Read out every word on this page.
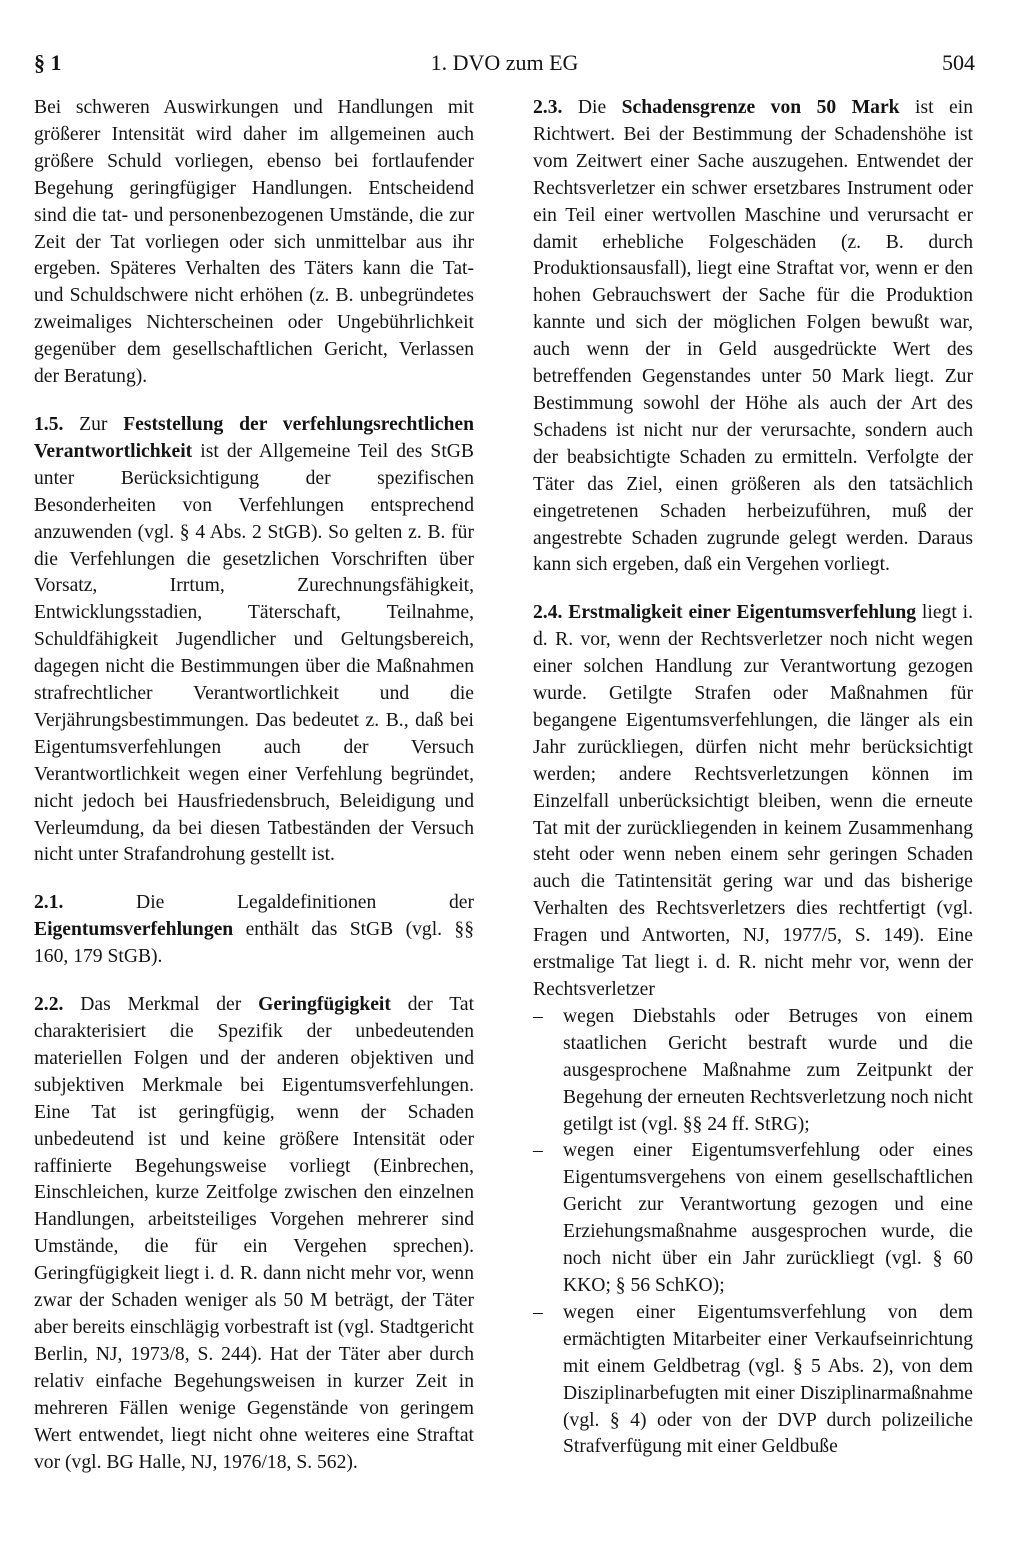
§ 1	1. DVO zum EG	504

Bei schweren Auswirkungen und Handlungen mit größerer Intensität wird daher im allgemeinen auch größere Schuld vorliegen, ebenso bei fortlaufender Begehung geringfügiger Handlungen. Entscheidend sind die tat- und personenbezogenen Umstände, die zur Zeit der Tat vorliegen oder sich unmittelbar aus ihr ergeben. Späteres Verhalten des Täters kann die Tat- und Schuldschwere nicht erhöhen (z. B. unbegründetes zweimaliges Nichterscheinen oder Ungebührlichkeit gegenüber dem gesellschaftlichen Gericht, Verlassen der Beratung).

1.5. Zur Feststellung der verfehlungsrechtlichen Verantwortlichkeit ist der Allgemeine Teil des StGB unter Berücksichtigung der spezifischen Besonderheiten von Verfehlungen entsprechend anzuwenden (vgl. § 4 Abs. 2 StGB). So gelten z. B. für die Verfehlungen die gesetzlichen Vorschriften über Vorsatz, Irrtum, Zurechnungsfähigkeit, Entwicklungsstadien, Täterschaft, Teilnahme, Schuldfähigkeit Jugendlicher und Geltungsbereich, dagegen nicht die Bestimmungen über die Maßnahmen strafrechtlicher Verantwortlichkeit und die Verjährungsbestimmungen. Das bedeutet z. B., daß bei Eigentumsverfehlungen auch der Versuch Verantwortlichkeit wegen einer Verfehlung begründet, nicht jedoch bei Hausfriedensbruch, Beleidigung und Verleumdung, da bei diesen Tatbeständen der Versuch nicht unter Strafandrohung gestellt ist.

2.1. Die Legaldefinitionen der Eigentumsverfehlungen enthält das StGB (vgl. §§ 160, 179 StGB).

2.2. Das Merkmal der Geringfügigkeit der Tat charakterisiert die Spezifik der unbedeutenden materiellen Folgen und der anderen objektiven und subjektiven Merkmale bei Eigentumsverfehlungen. Eine Tat ist geringfügig, wenn der Schaden unbedeutend ist und keine größere Intensität oder raffinierte Begehungsweise vorliegt (Einbrechen, Einschleichen, kurze Zeitfolge zwischen den einzelnen Handlungen, arbeitsteiliges Vorgehen mehrerer sind Umstände, die für ein Vergehen sprechen). Geringfügigkeit liegt i. d. R. dann nicht mehr vor, wenn zwar der Schaden weniger als 50 M beträgt, der Täter aber bereits einschlägig vorbestraft ist (vgl. Stadtgericht Berlin, NJ, 1973/8, S. 244). Hat der Täter aber durch relativ einfache Begehungsweisen in kurzer Zeit in mehreren Fällen wenige Gegenstände von geringem Wert entwendet, liegt nicht ohne weiteres eine Straftat vor (vgl. BG Halle, NJ, 1976/18, S. 562).

2.3. Die Schadensgrenze von 50 Mark ist ein Richtwert. Bei der Bestimmung der Schadenshöhe ist vom Zeitwert einer Sache auszugehen. Entwendet der Rechtsverletzer ein schwer ersetzbares Instrument oder ein Teil einer wertvollen Maschine und verursacht er damit erhebliche Folgeschäden (z. B. durch Produktionsausfall), liegt eine Straftat vor, wenn er den hohen Gebrauchswert der Sache für die Produktion kannte und sich der möglichen Folgen bewußt war, auch wenn der in Geld ausgedrückte Wert des betreffenden Gegenstandes unter 50 Mark liegt. Zur Bestimmung sowohl der Höhe als auch der Art des Schadens ist nicht nur der verursachte, sondern auch der beabsichtigte Schaden zu ermitteln. Verfolgte der Täter das Ziel, einen größeren als den tatsächlich eingetretenen Schaden herbeizuführen, muß der angestrebte Schaden zugrunde gelegt werden. Daraus kann sich ergeben, daß ein Vergehen vorliegt.

2.4. Erstmaligkeit einer Eigentumsverfehlung liegt i. d. R. vor, wenn der Rechtsverletzer noch nicht wegen einer solchen Handlung zur Verantwortung gezogen wurde. Getilgte Strafen oder Maßnahmen für begangene Eigentumsverfehlungen, die länger als ein Jahr zurückliegen, dürfen nicht mehr berücksichtigt werden; andere Rechtsverletzungen können im Einzelfall unberücksichtigt bleiben, wenn die erneute Tat mit der zurückliegenden in keinem Zusammenhang steht oder wenn neben einem sehr geringen Schaden auch die Tatintensität gering war und das bisherige Verhalten des Rechtsverletzers dies rechtfertigt (vgl. Fragen und Antworten, NJ, 1977/5, S. 149). Eine erstmalige Tat liegt i. d. R. nicht mehr vor, wenn der Rechtsverletzer

– wegen Diebstahls oder Betruges von einem staatlichen Gericht bestraft wurde und die ausgesprochene Maßnahme zum Zeitpunkt der Begehung der erneuten Rechtsverletzung noch nicht getilgt ist (vgl. §§ 24 ff. StRG);
– wegen einer Eigentumsverfehlung oder eines Eigentumsvergehens von einem gesellschaftlichen Gericht zur Verantwortung gezogen und eine Erziehungsmaßnahme ausgesprochen wurde, die noch nicht über ein Jahr zurückliegt (vgl. § 60 KKO; § 56 SchKO);
– wegen einer Eigentumsverfehlung von dem ermächtigten Mitarbeiter einer Verkaufseinrichtung mit einem Geldbetrag (vgl. § 5 Abs. 2), von dem Disziplinarbefugten mit einer Disziplinarmaßnahme (vgl. § 4) oder von der DVP durch polizeiliche Strafverfügung mit einer Geldbuße
